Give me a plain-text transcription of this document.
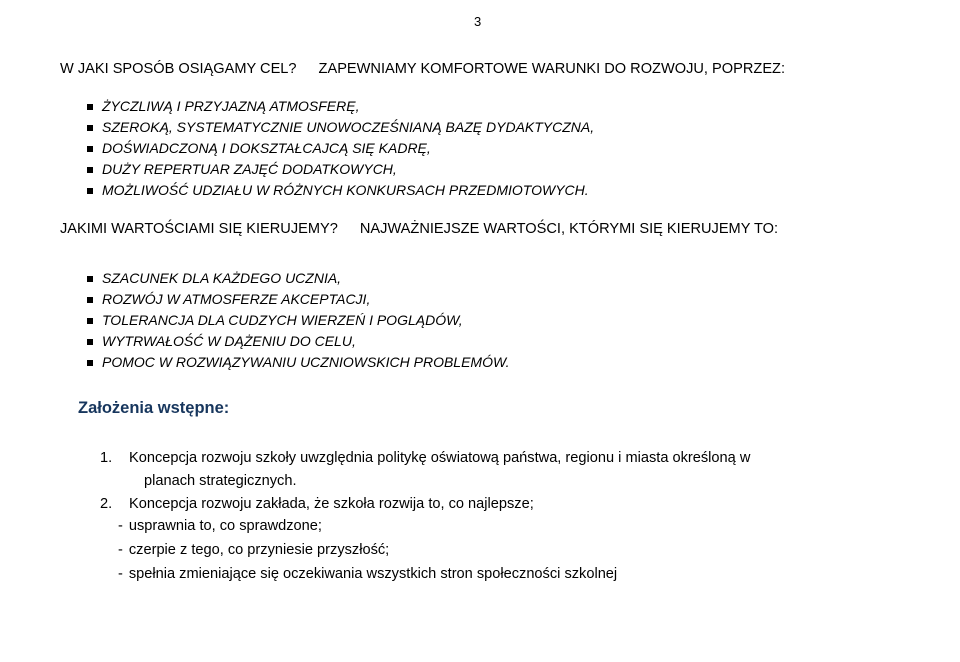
3
W JAKI SPOSÓB OSIĄGAMY CEL? ZAPEWNIAMY KOMFORTOWE WARUNKI DO ROZWOJU, POPRZEZ:
ŻYCZLIWĄ I PRZYJAZNĄ ATMOSFERĘ,
SZEROKĄ, SYSTEMATYCZNIE UNOWOCZEŚNIANĄ BAZĘ DYDAKTYCZNA,
DOŚWIADCZONĄ I DOKSZTAŁCAJCĄ SIĘ KADRĘ,
DUŻY REPERTUAR ZAJĘĆ DODATKOWYCH,
MOŻLIWOŚĆ UDZIAŁU W RÓŻNYCH KONKURSACH PRZEDMIOTOWYCH.
JAKIMI WARTOŚCIAMI SIĘ KIERUJEMY? NAJWAŻNIEJSZE WARTOŚCI, KTÓRYMI SIĘ KIERUJEMY TO:
SZACUNEK DLA KAŻDEGO UCZNIA,
ROZWÓJ W ATMOSFERZE AKCEPTACJI,
TOLERANCJA DLA CUDZYCH WIERZEŃ I POGLĄDÓW,
WYTRWAŁOŚĆ W DĄŻENIU DO CELU,
POMOC W ROZWIĄZYWANIU UCZNIOWSKICH PROBLEMÓW.
Założenia wstępne:
1. Koncepcja rozwoju szkoły uwzględnia politykę oświatową państwa, regionu i miasta określoną w
planach strategicznych.
2. Koncepcja rozwoju zakłada, że szkoła rozwija to, co najlepsze;
- usprawnia to, co sprawdzone;
- czerpie z tego, co przyniesie przyszłość;
- spełnia zmieniające się oczekiwania wszystkich stron społeczności szkolnej
